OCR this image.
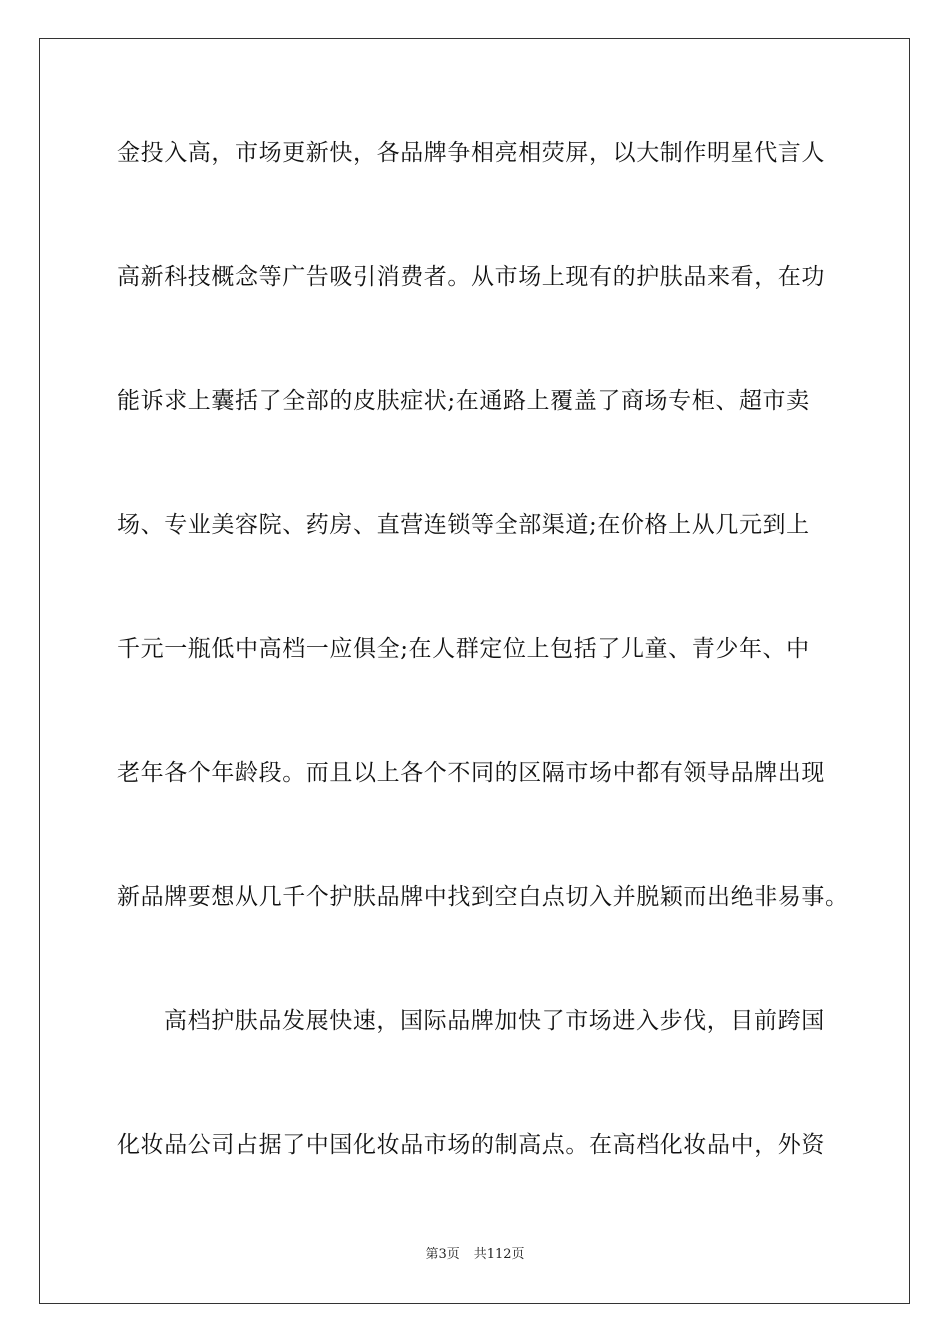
金投入高，市场更新快，各品牌争相亮相荧屏，以大制作明星代言人
高新科技概念等广告吸引消费者。从市场上现有的护肤品来看，在功
能诉求上囊括了全部的皮肤症状;在通路上覆盖了商场专柜、超市卖
场、专业美容院、药房、直营连锁等全部渠道;在价格上从几元到上
千元一瓶低中高档一应俱全;在人群定位上包括了儿童、青少年、中
老年各个年龄段。而且以上各个不同的区隔市场中都有领导品牌出现
新品牌要想从几千个护肤品牌中找到空白点切入并脱颖而出绝非易事。
高档护肤品发展快速，国际品牌加快了市场进入步伐，目前跨国
化妆品公司占据了中国化妆品市场的制高点。在高档化妆品中，外资
第3页 共112页
